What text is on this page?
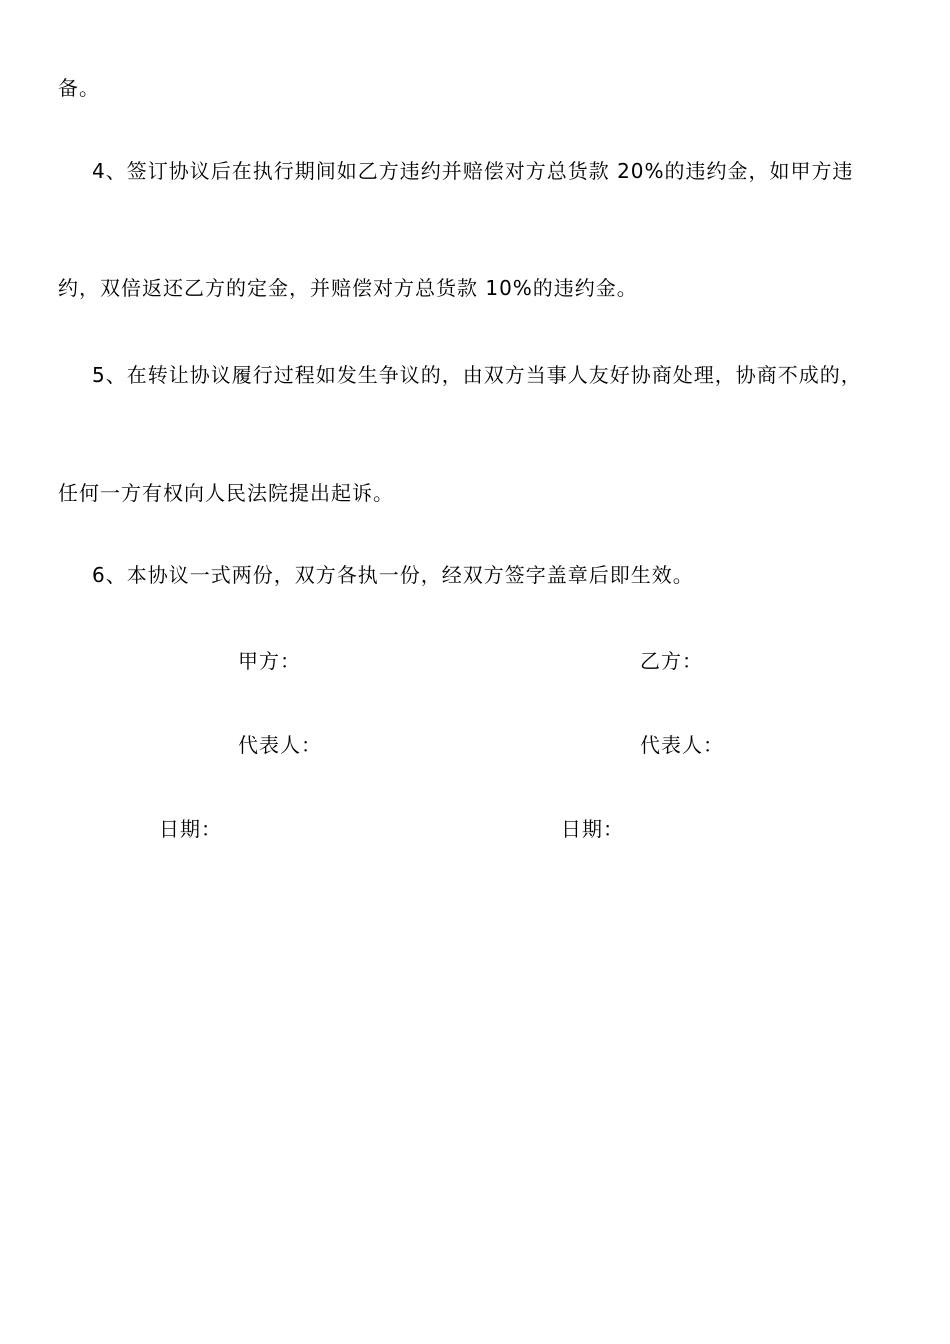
备。
4、签订协议后在执行期间如乙方违约并赔偿对方总货款 20%的违约金，如甲方违
约，双倍返还乙方的定金，并赔偿对方总货款 10%的违约金。
5、在转让协议履行过程如发生争议的，由双方当事人友好协商处理，协商不成的，
任何一方有权向人民法院提出起诉。
6、本协议一式两份，双方各执一份，经双方签字盖章后即生效。
甲方：	乙方：
代表人：	代表人：
日期：	日期：
